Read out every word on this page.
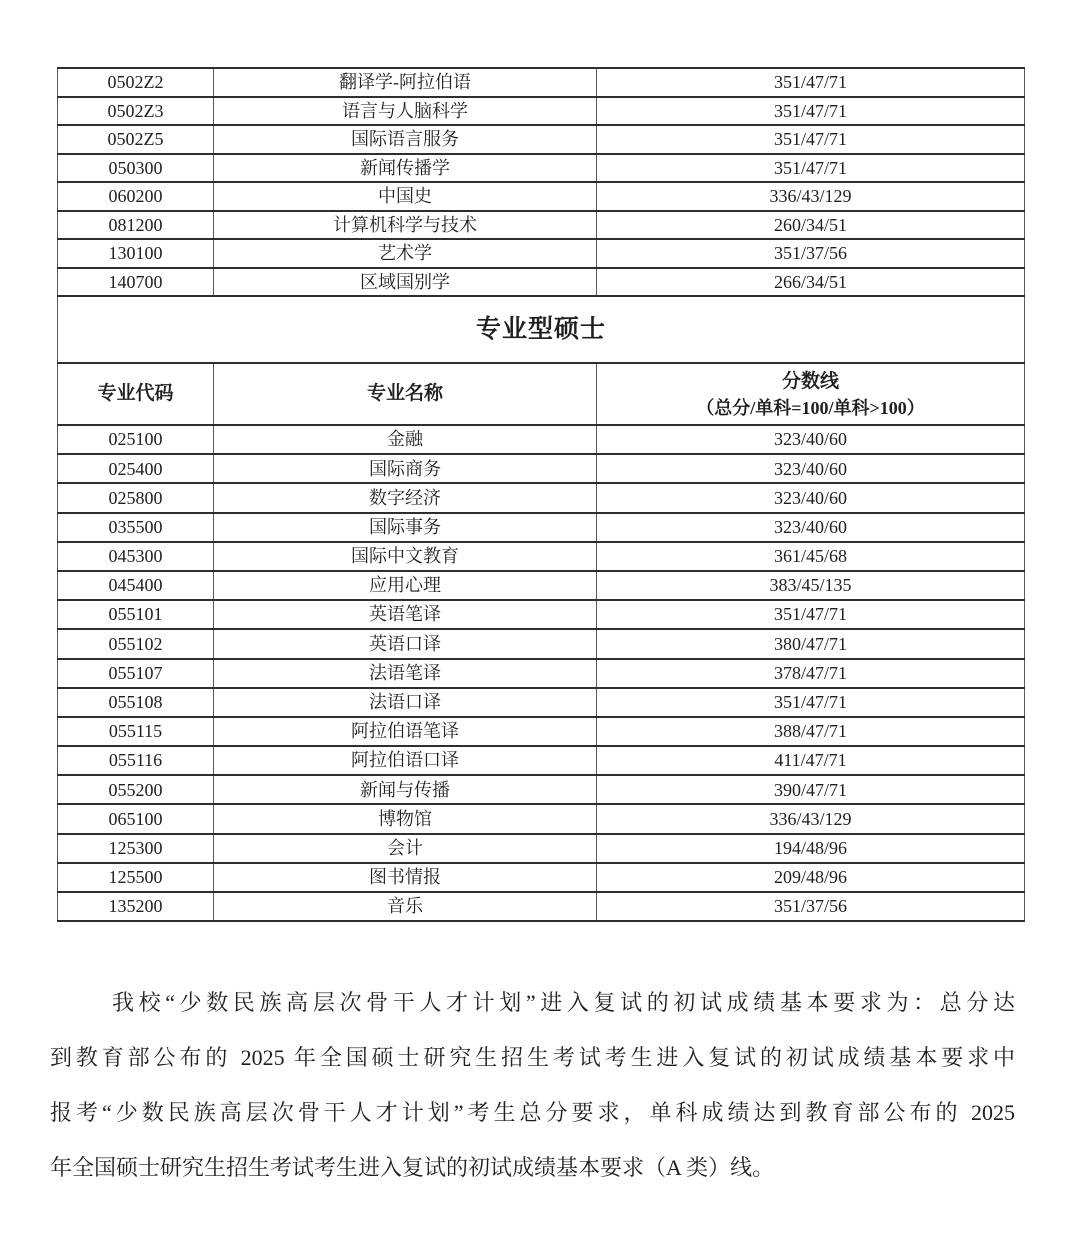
0502Z2	翻译学-阿拉伯语	351/47/71
0502Z3	语言与人脑科学	351/47/71
0502Z5	国际语言服务	351/47/71
050300	新闻传播学	351/47/71
060200	中国史	336/43/129
081200	计算机科学与技术	260/34/51
130100	艺术学	351/37/56
140700	区域国别学	266/34/51
专业型硕士		
专业代码	专业名称	分数线
（总分/单科=100/单科>100）

025100	金融	323/40/60
025400	国际商务	323/40/60
025800	数字经济	323/40/60
035500	国际事务	323/40/60
045300	国际中文教育	361/45/68
045400	应用心理	383/45/135
055101	英语笔译	351/47/71
055102	英语口译	380/47/71
055107	法语笔译	378/47/71
055108	法语口译	351/47/71
055115	阿拉伯语笔译	388/47/71
055116	阿拉伯语口译	411/47/71
055200	新闻与传播	390/47/71
065100	博物馆	336/43/129
125300	会计	194/48/96
125500	图书情报	209/48/96
135200	音乐	351/37/56
我校“少数民族高层次骨干人才计划”进入复试的初试成绩基本要求为：总分达
到教育部公布的 2025 年全国硕士研究生招生考试考生进入复试的初试成绩基本要求中
报考“少数民族高层次骨干人才计划”考生总分要求，单科成绩达到教育部公布的 2025
年全国硕士研究生招生考试考生进入复试的初试成绩基本要求（A 类）线。
